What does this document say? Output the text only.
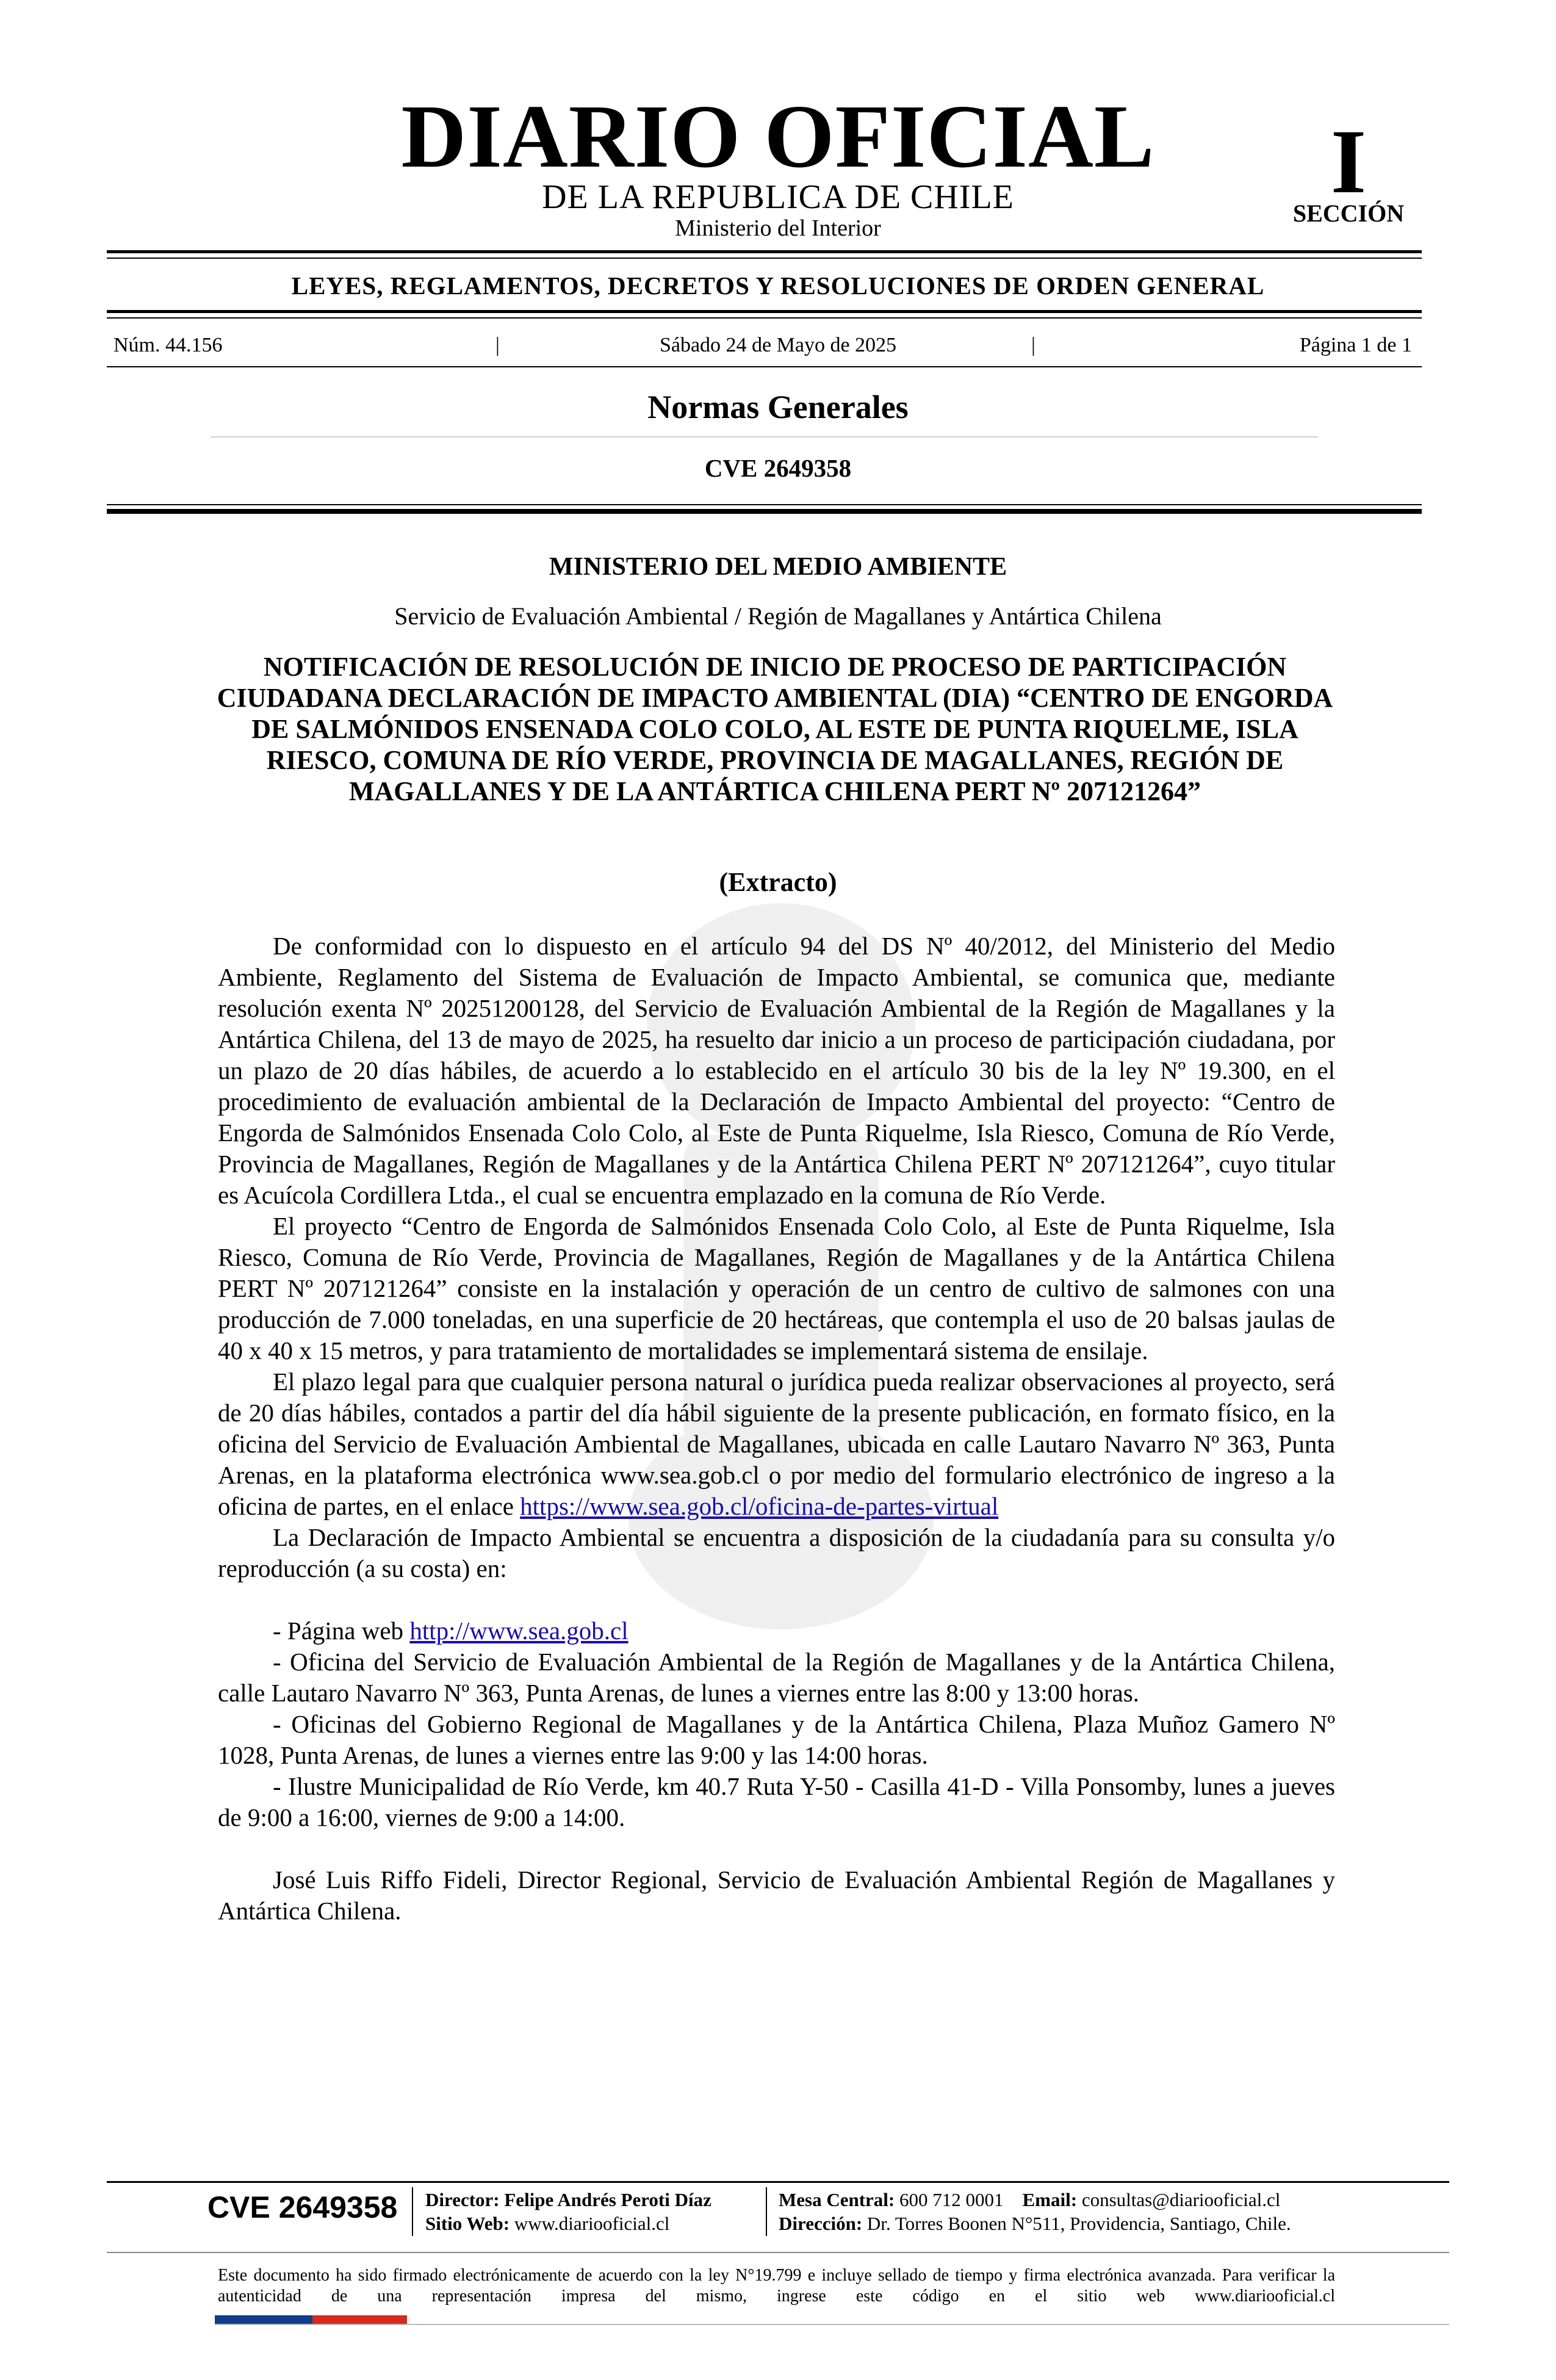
DIARIO OFICIAL
DE LA REPUBLICA DE CHILE
Ministerio del Interior
I
SECCIÓN
LEYES, REGLAMENTOS, DECRETOS Y RESOLUCIONES DE ORDEN GENERAL
Núm. 44.156	|	Sábado 24 de Mayo de 2025	|	Página 1 de 1
Normas Generales
CVE 2649358
MINISTERIO DEL MEDIO AMBIENTE
Servicio de Evaluación Ambiental / Región de Magallanes y Antártica Chilena
NOTIFICACIÓN DE RESOLUCIÓN DE INICIO DE PROCESO DE PARTICIPACIÓN CIUDADANA DECLARACIÓN DE IMPACTO AMBIENTAL (DIA) “CENTRO DE ENGORDA DE SALMÓNIDOS ENSENADA COLO COLO, AL ESTE DE PUNTA RIQUELME, ISLA RIESCO, COMUNA DE RÍO VERDE, PROVINCIA DE MAGALLANES, REGIÓN DE MAGALLANES Y DE LA ANTÁRTICA CHILENA PERT Nº 207121264”
(Extracto)

De conformidad con lo dispuesto en el artículo 94 del DS Nº 40/2012, del Ministerio del Medio Ambiente, Reglamento del Sistema de Evaluación de Impacto Ambiental, se comunica que, mediante resolución exenta Nº 20251200128, del Servicio de Evaluación Ambiental de la Región de Magallanes y la Antártica Chilena, del 13 de mayo de 2025, ha resuelto dar inicio a un proceso de participación ciudadana, por un plazo de 20 días hábiles, de acuerdo a lo establecido en el artículo 30 bis de la ley Nº 19.300, en el procedimiento de evaluación ambiental de la Declaración de Impacto Ambiental del proyecto: “Centro de Engorda de Salmónidos Ensenada Colo Colo, al Este de Punta Riquelme, Isla Riesco, Comuna de Río Verde, Provincia de Magallanes, Región de Magallanes y de la Antártica Chilena PERT Nº 207121264”, cuyo titular es Acuícola Cordillera Ltda., el cual se encuentra emplazado en la comuna de Río Verde.

El proyecto “Centro de Engorda de Salmónidos Ensenada Colo Colo, al Este de Punta Riquelme, Isla Riesco, Comuna de Río Verde, Provincia de Magallanes, Región de Magallanes y de la Antártica Chilena PERT Nº 207121264” consiste en la instalación y operación de un centro de cultivo de salmones con una producción de 7.000 toneladas, en una superficie de 20 hectáreas, que contempla el uso de 20 balsas jaulas de 40 x 40 x 15 metros, y para tratamiento de mortalidades se implementará sistema de ensilaje.

El plazo legal para que cualquier persona natural o jurídica pueda realizar observaciones al proyecto, será de 20 días hábiles, contados a partir del día hábil siguiente de la presente publicación, en formato físico, en la oficina del Servicio de Evaluación Ambiental de Magallanes, ubicada en calle Lautaro Navarro Nº 363, Punta Arenas, en la plataforma electrónica www.sea.gob.cl o por medio del formulario electrónico de ingreso a la oficina de partes, en el enlace https://www.sea.gob.cl/oficina-de-partes-virtual

La Declaración de Impacto Ambiental se encuentra a disposición de la ciudadanía para su consulta y/o reproducción (a su costa) en:

- Página web http://www.sea.gob.cl

- Oficina del Servicio de Evaluación Ambiental de la Región de Magallanes y de la Antártica Chilena, calle Lautaro Navarro Nº 363, Punta Arenas, de lunes a viernes entre las 8:00 y 13:00 horas.

- Oficinas del Gobierno Regional de Magallanes y de la Antártica Chilena, Plaza Muñoz Gamero Nº 1028, Punta Arenas, de lunes a viernes entre las 9:00 y las 14:00 horas.

- Ilustre Municipalidad de Río Verde, km 40.7 Ruta Y-50 - Casilla 41-D - Villa Ponsomby, lunes a jueves de 9:00 a 16:00, viernes de 9:00 a 14:00.

José Luis Riffo Fideli, Director Regional, Servicio de Evaluación Ambiental Región de Magallanes y Antártica Chilena.

CVE 2649358 Director: Felipe Andrés Peroti Díaz
Sitio Web: www.diariooficial.cl
Mesa Central: 600 712 0001 Email: consultas@diariooficial.cl
Dirección: Dr. Torres Boonen N°511, Providencia, Santiago, Chile.
Este documento ha sido firmado electrónicamente de acuerdo con la ley N°19.799 e incluye sellado de tiempo y firma electrónica avanzada. Para verificar la autenticidad de una representación impresa del mismo, ingrese este código en el sitio web www.diariooficial.cl
